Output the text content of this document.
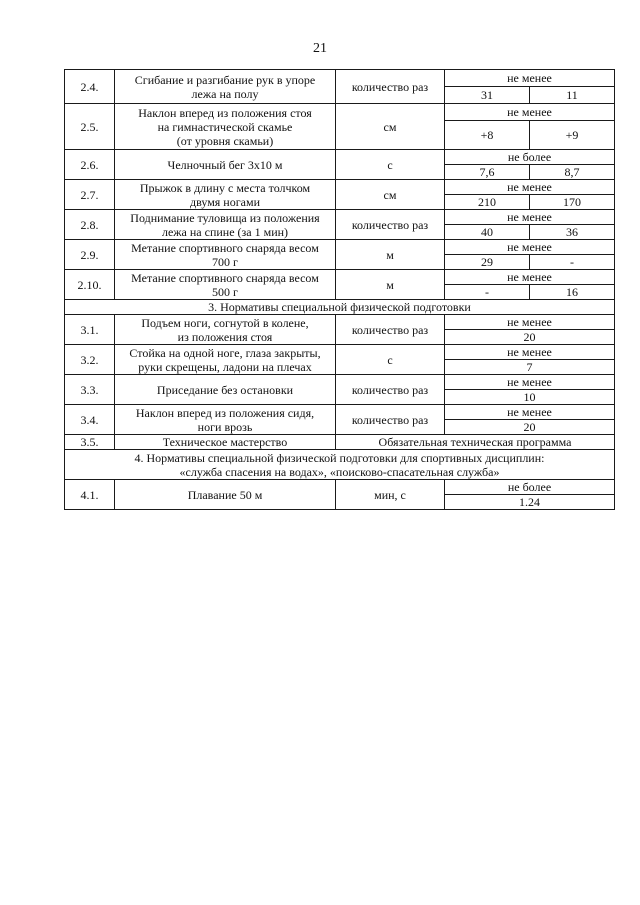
21
2.4.	Сгибание и разгибание рук в упоре
лежа на полу	количество раз	не менее	
			31	11
2.5.	Наклон вперед из положения стоя
на гимнастической скамье
(от уровня скамьи)	см	не менее	
			+8	+9
2.6.	Челночный бег 3х10 м	с	не более	
			7,6	8,7
2.7.	Прыжок в длину с места толчком
двумя ногами	см	не менее	
			210	170
2.8.	Поднимание туловища из положения
лежа на спине (за 1 мин)	количество раз	не менее	
			40	36
2.9.	Метание спортивного снаряда весом
700 г	м	не менее	
			29	-
2.10.	Метание спортивного снаряда весом
500 г	м	не менее	
			-	16
3. Нормативы специальной физической подготовки				
3.1.	Подъем ноги, согнутой в колене,
из положения стоя	количество раз	не менее	
			20	
3.2.	Стойка на одной ноге, глаза закрыты,
руки скрещены, ладони на плечах	с	не менее	
			7	
3.3.	Приседание без остановки	количество раз	не менее	
			10	
3.4.	Наклон вперед из положения сидя,
ноги врозь	количество раз	не менее	
			20	
3.5.	Техническое мастерство	Обязательная техническая программа		
4. Нормативы специальной физической подготовки для спортивных дисциплин:
«служба спасения на водах», «поисково-спасательная служба»				
4.1.	Плавание 50 м	мин, с	не более	
			1.24	
